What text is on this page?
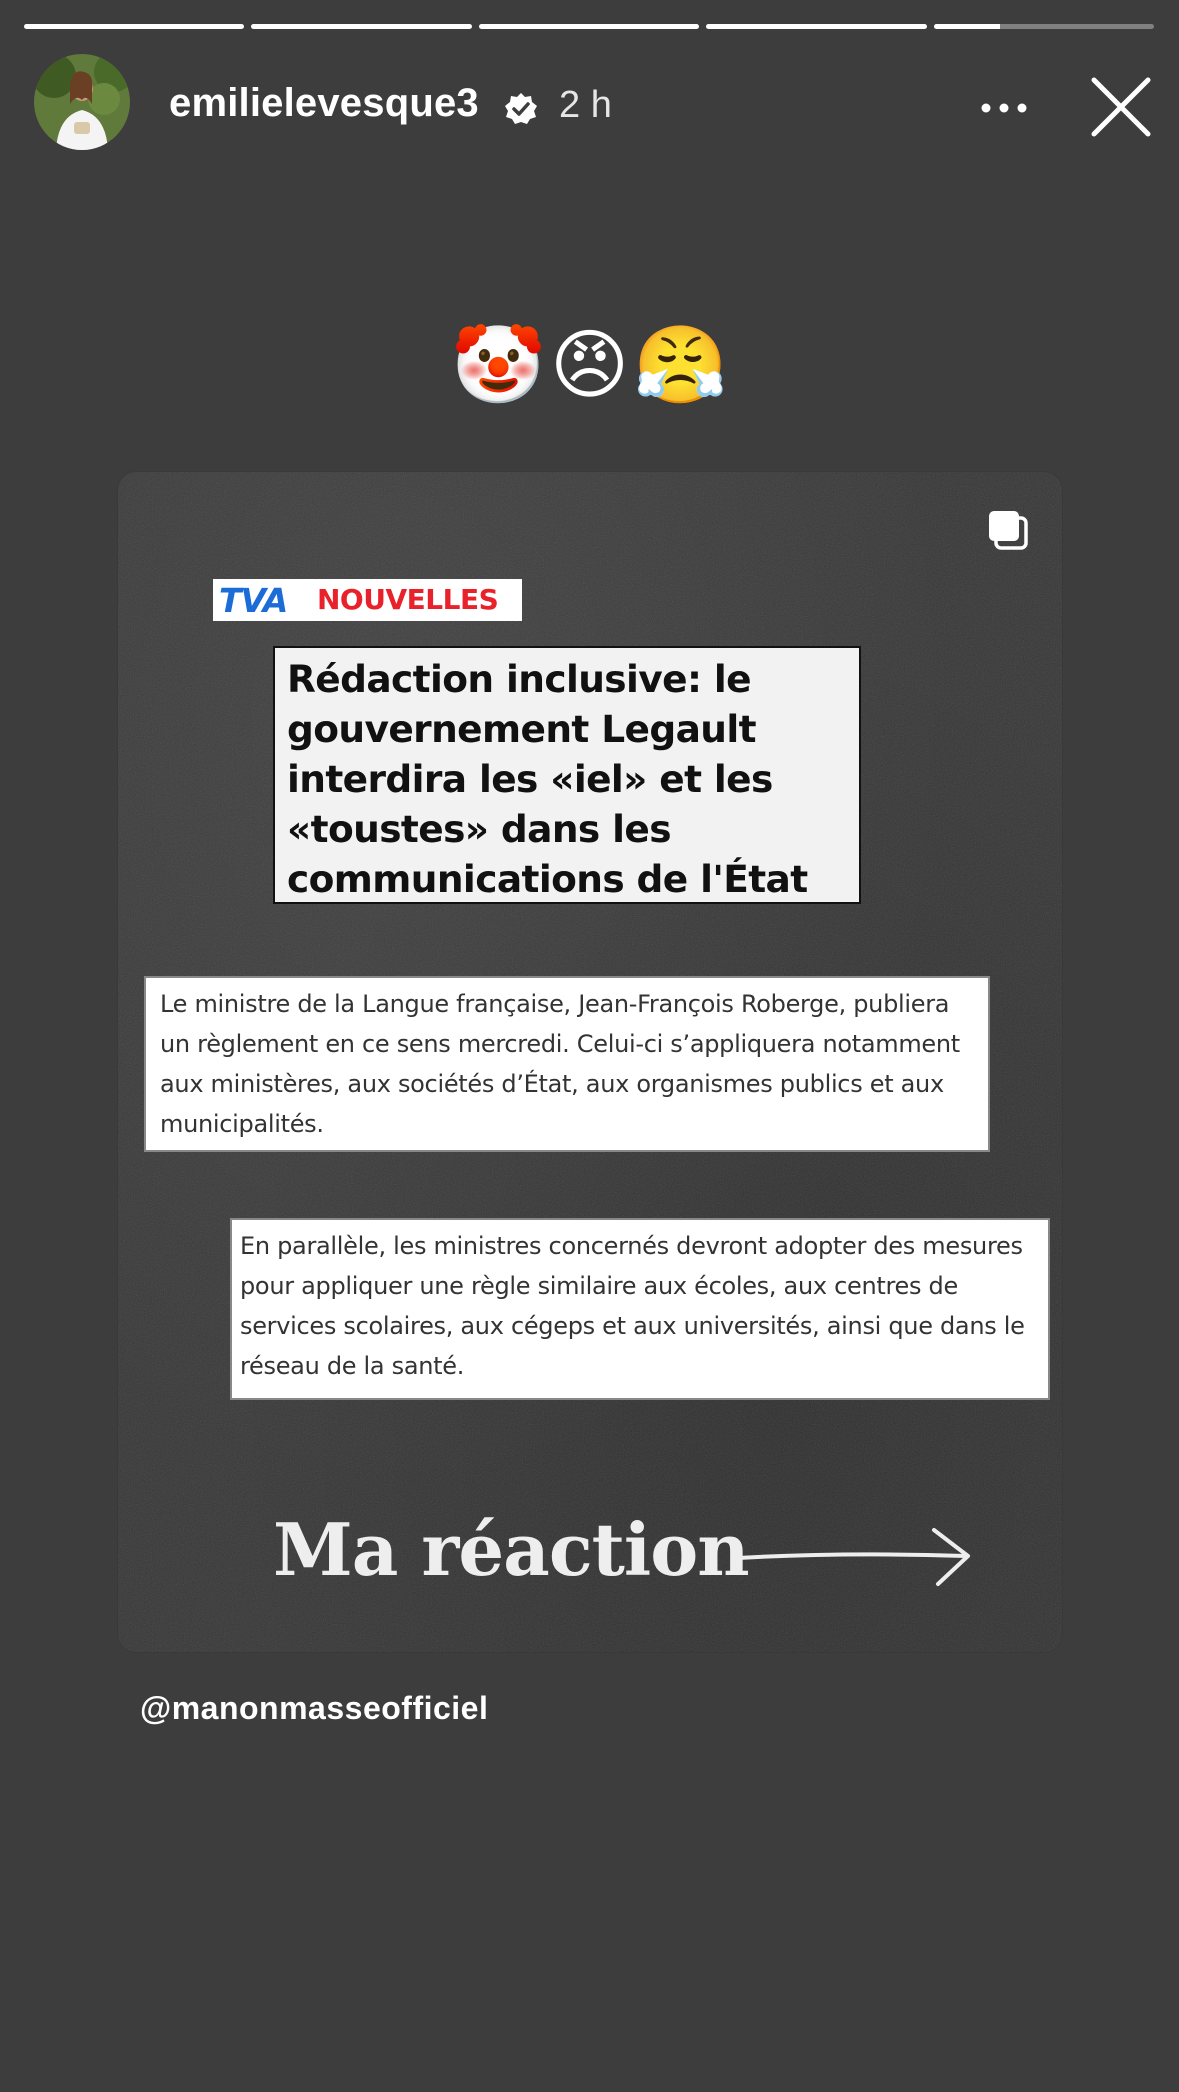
emilielevesque3 2 h
🤡😠😤
TVA NOUVELLES

Rédaction inclusive: le gouvernement Legault interdira les «iel» et les «toustes» dans les communications de l'État

Le ministre de la Langue française, Jean-François Roberge, publiera un règlement en ce sens mercredi. Celui-ci s’appliquera notamment aux ministères, aux sociétés d’État, aux organismes publics et aux municipalités.
En parallèle, les ministres concernés devront adopter des mesures pour appliquer une règle similaire aux écoles, aux centres de services scolaires, aux cégeps et aux universités, ainsi que dans le réseau de la santé.
Ma réaction
@manonmasseofficiel
